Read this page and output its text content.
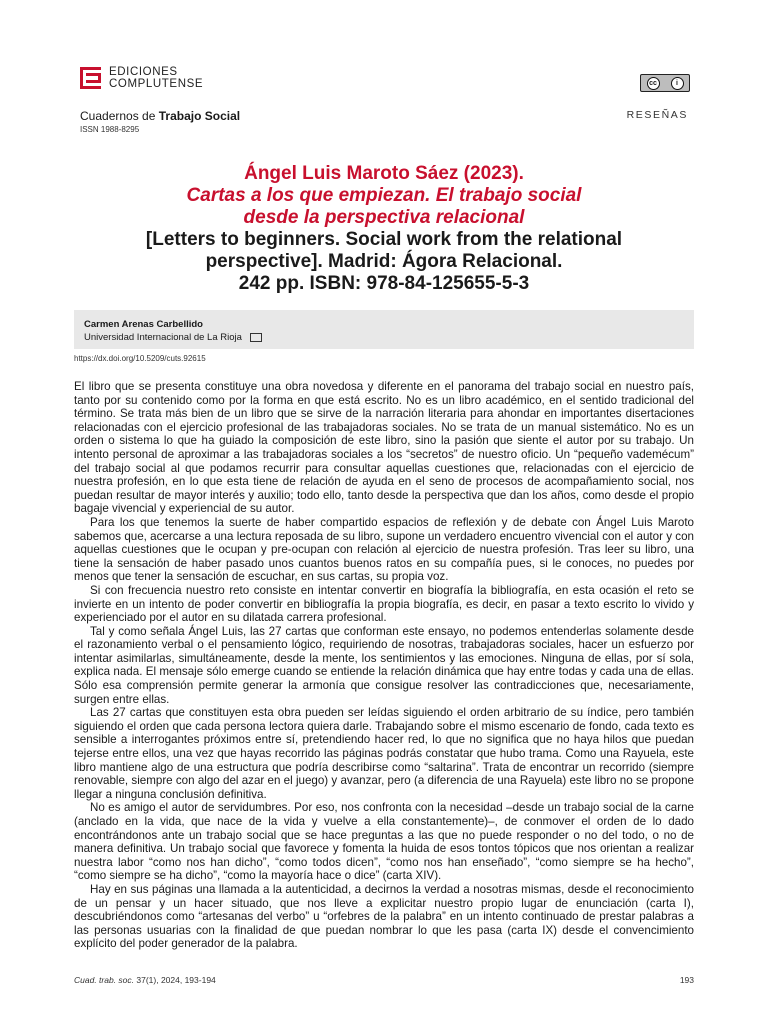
EDICIONES
COMPLUTENSE	cc	i
Cuadernos de Trabajo Social
ISSN 1988-8295
RESEÑAS
Ángel Luis Maroto Sáez (2023).
Cartas a los que empiezan. El trabajo social
desde la perspectiva relacional
[Letters to beginners. Social work from the relational
perspective]. Madrid: Ágora Relacional.
242 pp. ISBN: 978-84-125655-5-3
Carmen Arenas Carbellido
Universidad Internacional de La Rioja
https://dx.doi.org/10.5209/cuts.92615

El libro que se presenta constituye una obra novedosa y diferente en el panorama del trabajo social en nuestro país, tanto por su contenido como por la forma en que está escrito. No es un libro académico, en el sentido tradicional del término. Se trata más bien de un libro que se sirve de la narración literaria para ahondar en importantes disertaciones relacionadas con el ejercicio profesional de las trabajadoras sociales. No se trata de un manual sistemático. No es un orden o sistema lo que ha guiado la composición de este libro, sino la pasión que siente el autor por su trabajo. Un intento personal de aproximar a las trabajadoras sociales a los “secretos” de nuestro oficio. Un “pequeño vademécum” del trabajo social al que podamos recurrir para consultar aquellas cuestiones que, relacionadas con el ejercicio de nuestra profesión, en lo que esta tiene de relación de ayuda en el seno de procesos de acompañamiento social, nos puedan resultar de mayor interés y auxilio; todo ello, tanto desde la perspectiva que dan los años, como desde el propio bagaje vivencial y experiencial de su autor.

Para los que tenemos la suerte de haber compartido espacios de reflexión y de debate con Ángel Luis Maroto sabemos que, acercarse a una lectura reposada de su libro, supone un verdadero encuentro vivencial con el autor y con aquellas cuestiones que le ocupan y pre-ocupan con relación al ejercicio de nuestra profesión. Tras leer su libro, una tiene la sensación de haber pasado unos cuantos buenos ratos en su compañía pues, si le conoces, no puedes por menos que tener la sensación de escuchar, en sus cartas, su propia voz.

Si con frecuencia nuestro reto consiste en intentar convertir en biografía la bibliografía, en esta ocasión el reto se invierte en un intento de poder convertir en bibliografía la propia biografía, es decir, en pasar a texto escrito lo vivido y experienciado por el autor en su dilatada carrera profesional.

Tal y como señala Ángel Luis, las 27 cartas que conforman este ensayo, no podemos entenderlas solamente desde el razonamiento verbal o el pensamiento lógico, requiriendo de nosotras, trabajadoras sociales, hacer un esfuerzo por intentar asimilarlas, simultáneamente, desde la mente, los sentimientos y las emociones. Ninguna de ellas, por sí sola, explica nada. El mensaje sólo emerge cuando se entiende la relación dinámica que hay entre todas y cada una de ellas. Sólo esa comprensión permite generar la armonía que consigue resolver las contradicciones que, necesariamente, surgen entre ellas.

Las 27 cartas que constituyen esta obra pueden ser leídas siguiendo el orden arbitrario de su índice, pero también siguiendo el orden que cada persona lectora quiera darle. Trabajando sobre el mismo escenario de fondo, cada texto es sensible a interrogantes próximos entre sí, pretendiendo hacer red, lo que no significa que no haya hilos que puedan tejerse entre ellos, una vez que hayas recorrido las páginas podrás constatar que hubo trama. Como una Rayuela, este libro mantiene algo de una estructura que podría describirse como “saltarina”. Trata de encontrar un recorrido (siempre renovable, siempre con algo del azar en el juego) y avanzar, pero (a diferencia de una Rayuela) este libro no se propone llegar a ninguna conclusión definitiva.

No es amigo el autor de servidumbres. Por eso, nos confronta con la necesidad –desde un trabajo social de la carne (anclado en la vida, que nace de la vida y vuelve a ella constantemente)–, de conmover el orden de lo dado encontrándonos ante un trabajo social que se hace preguntas a las que no puede responder o no del todo, o no de manera definitiva. Un trabajo social que favorece y fomenta la huida de esos tontos tópicos que nos orientan a realizar nuestra labor “como nos han dicho”, “como todos dicen”, “como nos han enseñado”, “como siempre se ha hecho”, “como siempre se ha dicho”, “como la mayoría hace o dice” (carta XIV).

Hay en sus páginas una llamada a la autenticidad, a decirnos la verdad a nosotras mismas, desde el reconocimiento de un pensar y un hacer situado, que nos lleve a explicitar nuestro propio lugar de enunciación (carta I), descubriéndonos como “artesanas del verbo” u “orfebres de la palabra” en un intento continuado de prestar palabras a las personas usuarias con la finalidad de que puedan nombrar lo que les pasa (carta IX) desde el convencimiento explícito del poder generador de la palabra.

Cuad. trab. soc. 37(1), 2024, 193-194	193
